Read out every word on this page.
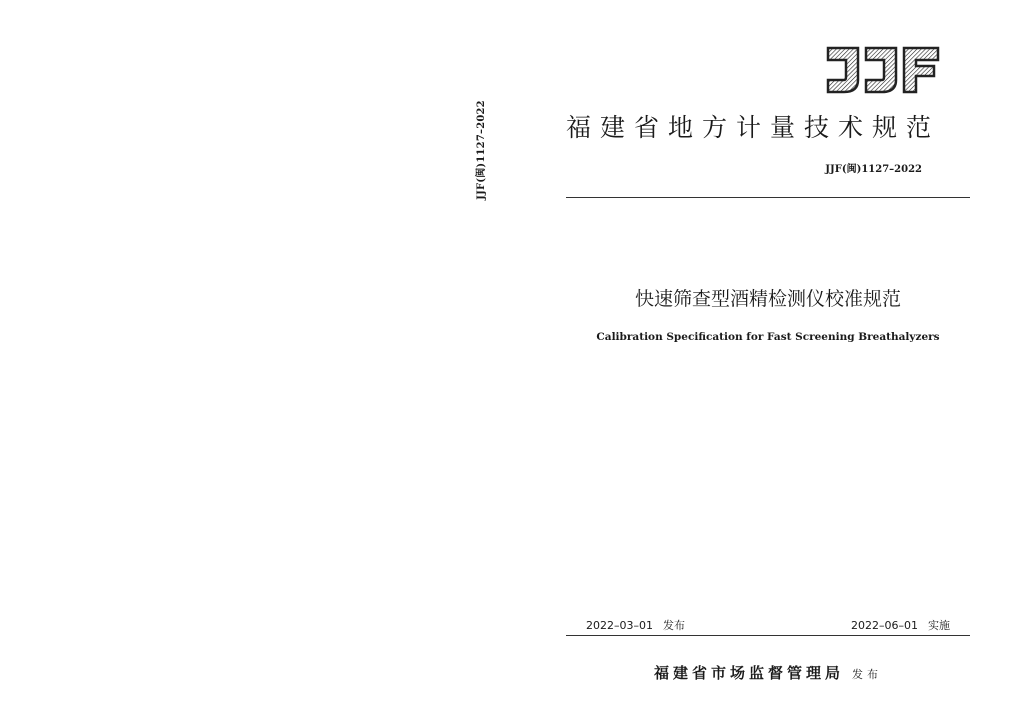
JJF(闽)1127–2022	福建省地方计量技术规范
JJF(闽)1127–2022
快速筛查型酒精检测仪校准规范
Calibration Specification for Fast Screening Breathalyzers
2022–03–01 发布	2022–06–01 实施
福建省市场监督管理局 发布
